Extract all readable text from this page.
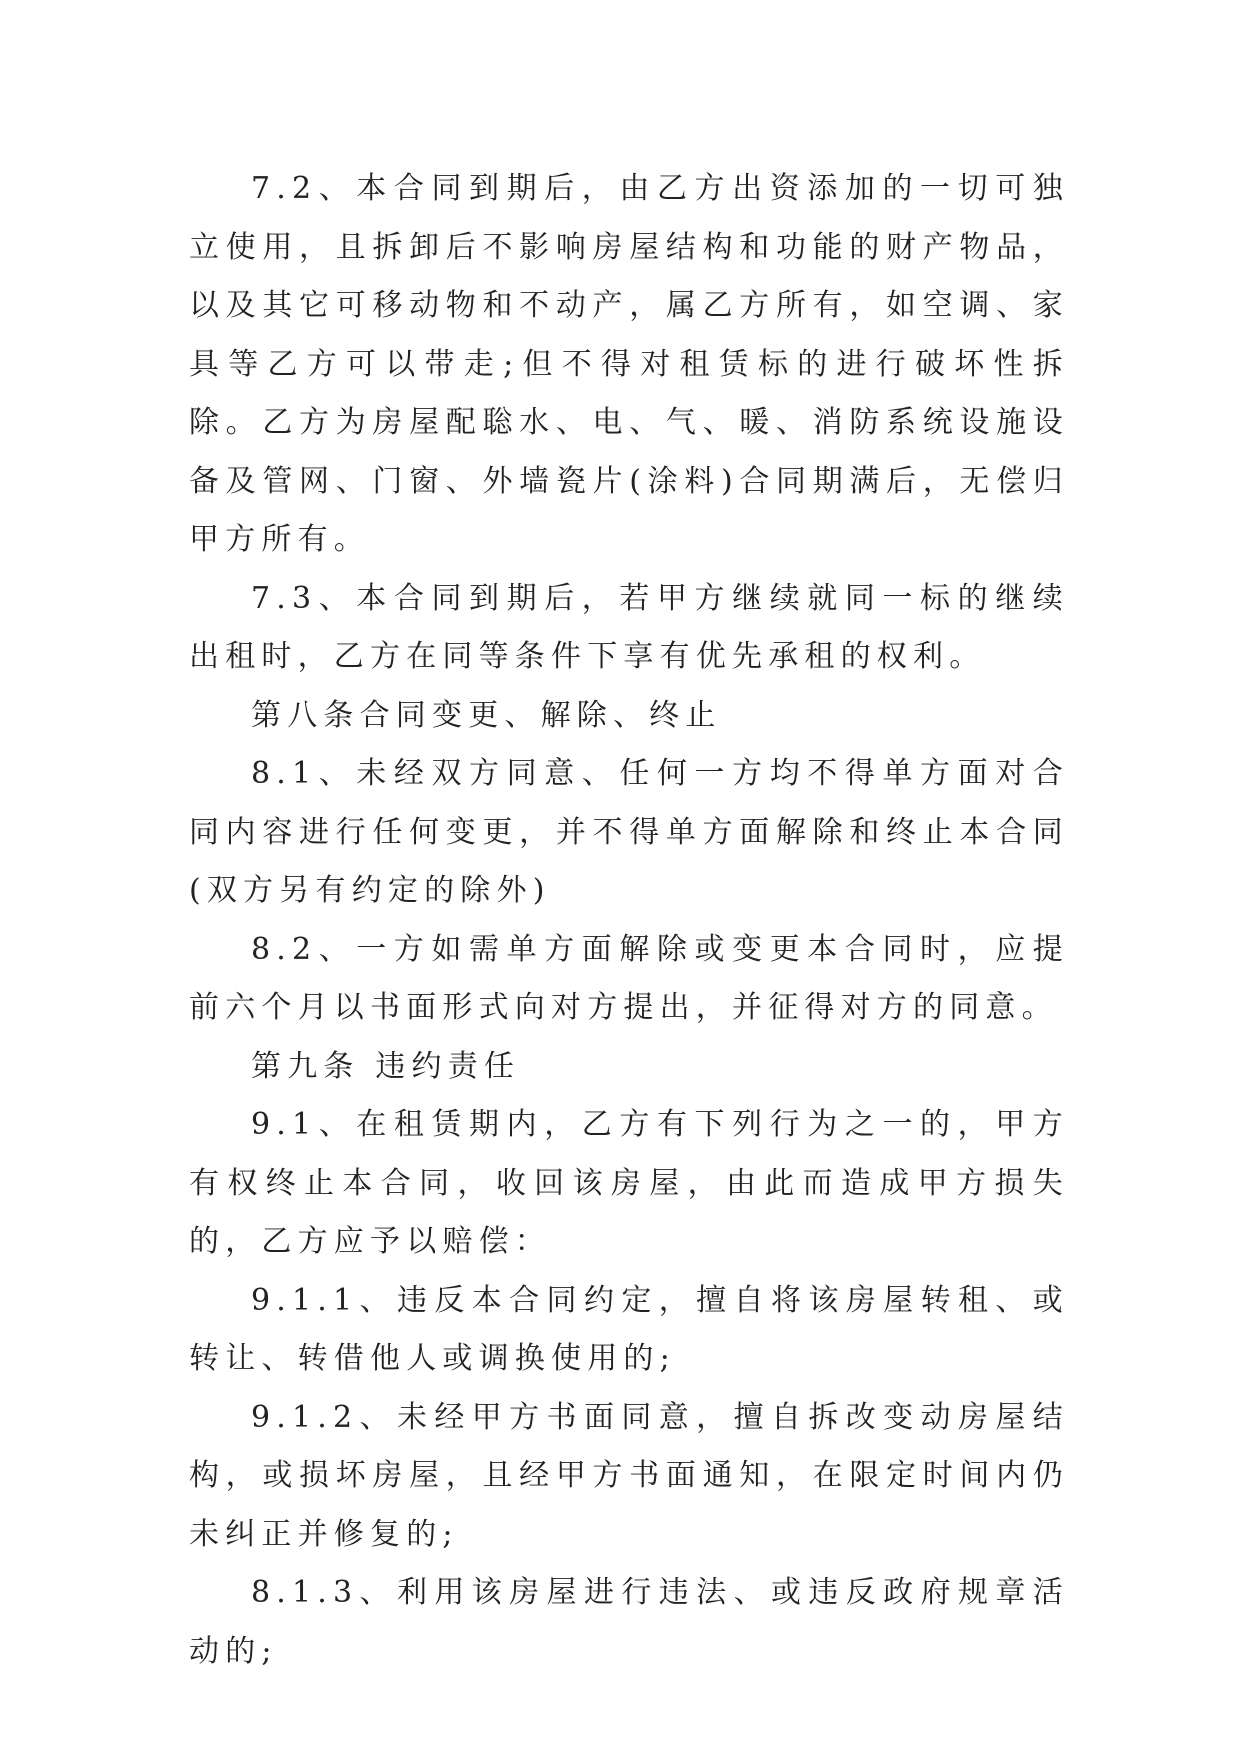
7.2、本合同到期后，由乙方出资添加的一切可独立使用，且拆卸后不影响房屋结构和功能的财产物品，以及其它可移动物和不动产，属乙方所有，如空调、家具等乙方可以带走;但不得对租赁标的进行破坏性拆除。乙方为房屋配聡水、电、气、暖、消防系统设施设备及管网、门窗、外墙瓷片(涂料)合同期满后，无偿归甲方所有。

7.3、本合同到期后，若甲方继续就同一标的继续出租时，乙方在同等条件下享有优先承租的权利。

第八条合同变更、解除、终止

8.1、未经双方同意、任何一方均不得单方面对合同内容进行任何变更，并不得单方面解除和终止本合同(双方另有约定的除外)

8.2、一方如需单方面解除或变更本合同时，应提前六个月以书面形式向对方提出，并征得对方的同意。

第九条 违约责任

9.1、在租赁期内，乙方有下列行为之一的，甲方有权终止本合同，收回该房屋，由此而造成甲方损失的，乙方应予以赔偿：

9.1.1、违反本合同约定，擅自将该房屋转租、或转让、转借他人或调换使用的;

9.1.2、未经甲方书面同意，擅自拆改变动房屋结构，或损坏房屋，且经甲方书面通知，在限定时间内仍未纠正并修复的;

8.1.3、利用该房屋进行违法、或违反政府规章活动的;
